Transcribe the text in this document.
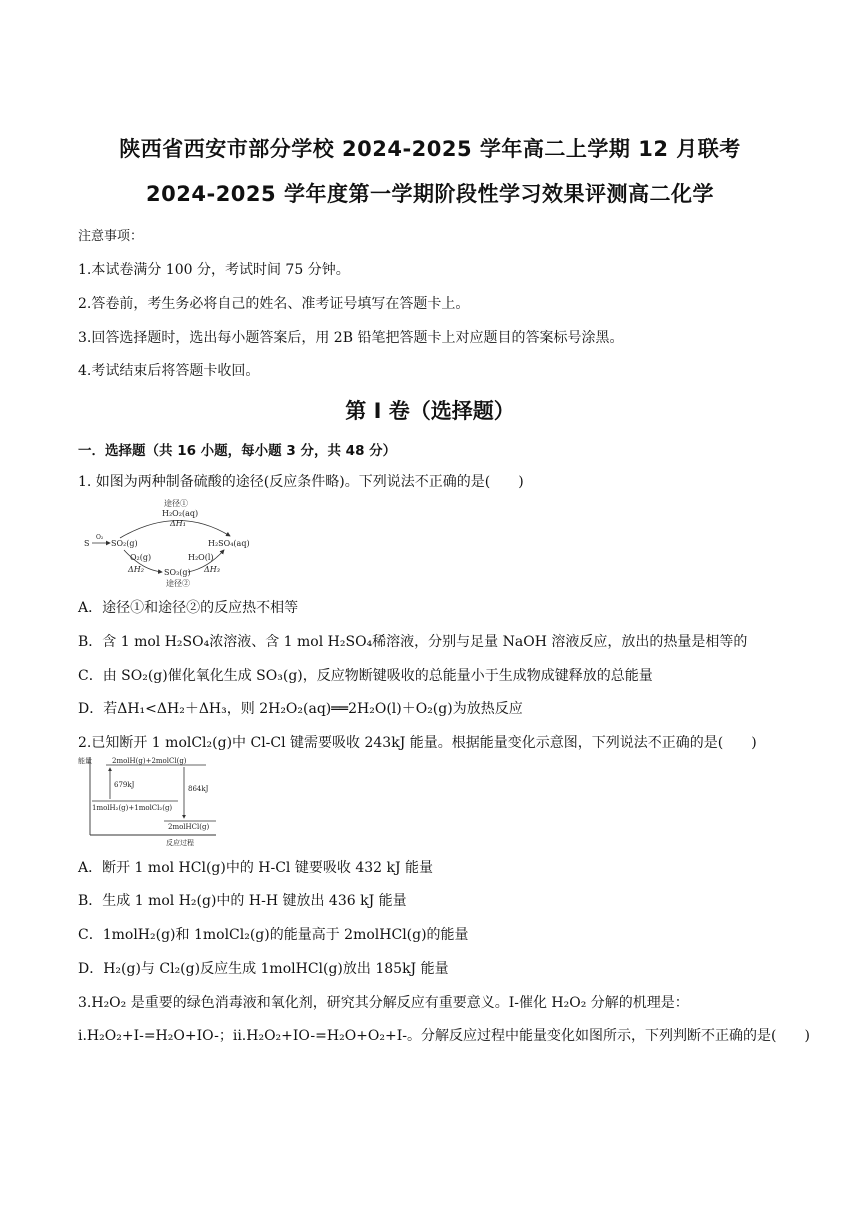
陕西省西安市部分学校 2024-2025 学年高二上学期 12 月联考
2024-2025 学年度第一学期阶段性学习效果评测高二化学
注意事项：
1.本试卷满分 100 分，考试时间 75 分钟。
2.答卷前，考生务必将自己的姓名、准考证号填写在答题卡上。
3.回答选择题时，选出每小题答案后，用 2B 铅笔把答题卡上对应题目的答案标号涂黑。
4.考试结束后将答题卡收回。
第 I 卷（选择题）
一．选择题（共 16 小题，每小题 3 分，共 48 分）
1. 如图为两种制备硫酸的途径(反应条件略)。下列说法不正确的是(　　)
途径①
H₂O₂(aq)
ΔH₁
S
O₂
SO₂(g)	H₂SO₄(aq)
O₂(g)	H₂O(l)
ΔH₂	ΔH₃
SO₃(g)
途径②
A．途径①和途径②的反应热不相等
B．含 1 mol H₂SO₄浓溶液、含 1 mol H₂SO₄稀溶液，分别与足量 NaOH 溶液反应，放出的热量是相等的
C．由 SO₂(g)催化氧化生成 SO₃(g)，反应物断键吸收的总能量小于生成物成键释放的总能量
D．若ΔH₁<ΔH₂＋ΔH₃，则 2H₂O₂(aq)══2H₂O(l)＋O₂(g)为放热反应
2.已知断开 1 molCl₂(g)中 Cl-Cl 键需要吸收 243kJ 能量。根据能量变化示意图，下列说法不正确的是(　　)
能量	2molH(g)+2molCl(g)
1molH₂(g)+1molCl₂(g)
2molHCl(g)
679kJ	864kJ
反应过程
A．断开 1 mol HCl(g)中的 H-Cl 键要吸收 432 kJ 能量
B．生成 1 mol H₂(g)中的 H-H 键放出 436 kJ 能量
C．1molH₂(g)和 1molCl₂(g)的能量高于 2molHCl(g)的能量
D．H₂(g)与 Cl₂(g)反应生成 1molHCl(g)放出 185kJ 能量
3.H₂O₂ 是重要的绿色消毒液和氧化剂，研究其分解反应有重要意义。I-催化 H₂O₂ 分解的机理是：
i.H₂O₂+I-=H₂O+IO-；ii.H₂O₂+IO-=H₂O+O₂+I-。分解反应过程中能量变化如图所示，下列判断不正确的是(　　)
